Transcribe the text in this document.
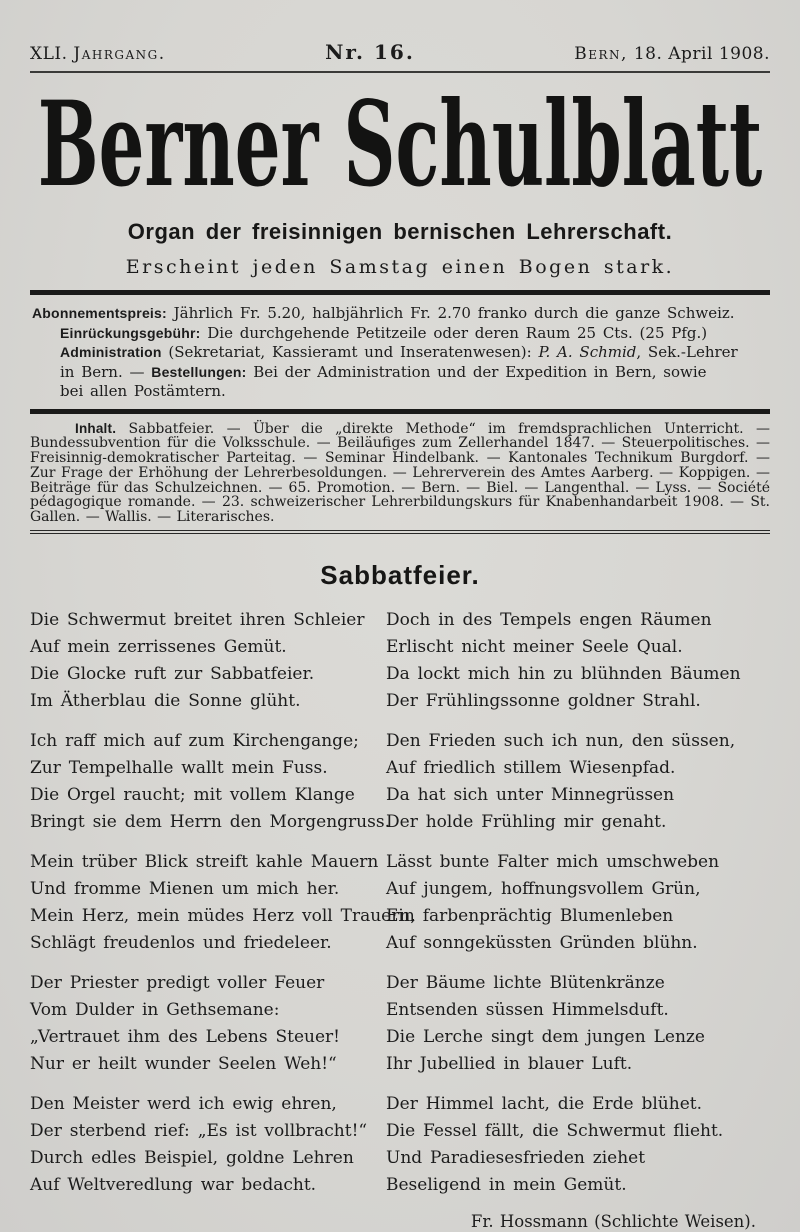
XLI. Jahrgang.	Nr. 16.	Bern, 18. April 1908.
Berner Schulblatt
Organ der freisinnigen bernischen Lehrerschaft.
Erscheint jeden Samstag einen Bogen stark.

Abonnementspreis: Jährlich Fr. 5.20, halbjährlich Fr. 2.70 franko durch die ganze Schweiz.

Einrückungsgebühr: Die durchgehende Petitzeile oder deren Raum 25 Cts. (25 Pfg.)

Administration (Sekretariat, Kassieramt und Inseratenwesen): P. A. Schmid, Sek.-Lehrer

in Bern. — Bestellungen: Bei der Administration und der Expedition in Bern, sowie

bei allen Postämtern.

Inhalt. Sabbatfeier. — Über die „direkte Methode“ im fremdsprachlichen Unterricht. — Bundessubvention für die Volksschule. — Beiläufiges zum Zellerhandel 1847. — Steuerpolitisches. — Freisinnig-demokratischer Parteitag. — Seminar Hindelbank. — Kantonales Technikum Burgdorf. — Zur Frage der Erhöhung der Lehrerbesoldungen. — Lehrerverein des Amtes Aarberg. — Koppigen. — Beiträge für das Schulzeichnen. — 65. Promotion. — Bern. — Biel. — Langenthal. — Lyss. — Société pédagogique romande. — 23. schweizerischer Lehrerbildungskurs für Knabenhandarbeit 1908. — St. Gallen. — Wallis. — Literarisches.

Sabbatfeier.
Die Schwermut breitet ihren Schleier
Auf mein zerrissenes Gemüt.
Die Glocke ruft zur Sabbatfeier.
Im Ätherblau die Sonne glüht.
Doch in des Tempels engen Räumen
Erlischt nicht meiner Seele Qual.
Da lockt mich hin zu blühnden Bäumen
Der Frühlingssonne goldner Strahl.
Ich raff mich auf zum Kirchengange;
Zur Tempelhalle wallt mein Fuss.
Die Orgel raucht; mit vollem Klange
Bringt sie dem Herrn den Morgengruss.
Den Frieden such ich nun, den süssen,
Auf friedlich stillem Wiesenpfad.
Da hat sich unter Minnegrüssen
Der holde Frühling mir genaht.
Mein trüber Blick streift kahle Mauern
Und fromme Mienen um mich her.
Mein Herz, mein müdes Herz voll Trauern,
Schlägt freudenlos und friedeleer.
Lässt bunte Falter mich umschweben
Auf jungem, hoffnungsvollem Grün,
Ein farbenprächtig Blumenleben
Auf sonngeküssten Gründen blühn.
Der Priester predigt voller Feuer
Vom Dulder in Gethsemane:
„Vertrauet ihm des Lebens Steuer!
Nur er heilt wunder Seelen Weh!“
Der Bäume lichte Blütenkränze
Entsenden süssen Himmelsduft.
Die Lerche singt dem jungen Lenze
Ihr Jubellied in blauer Luft.
Den Meister werd ich ewig ehren,
Der sterbend rief: „Es ist vollbracht!“
Durch edles Beispiel, goldne Lehren
Auf Weltveredlung war bedacht.
Der Himmel lacht, die Erde blühet.
Die Fessel fällt, die Schwermut flieht.
Und Paradiesesfrieden ziehet
Beseligend in mein Gemüt.
Fr. Hossmann (Schlichte Weisen).
